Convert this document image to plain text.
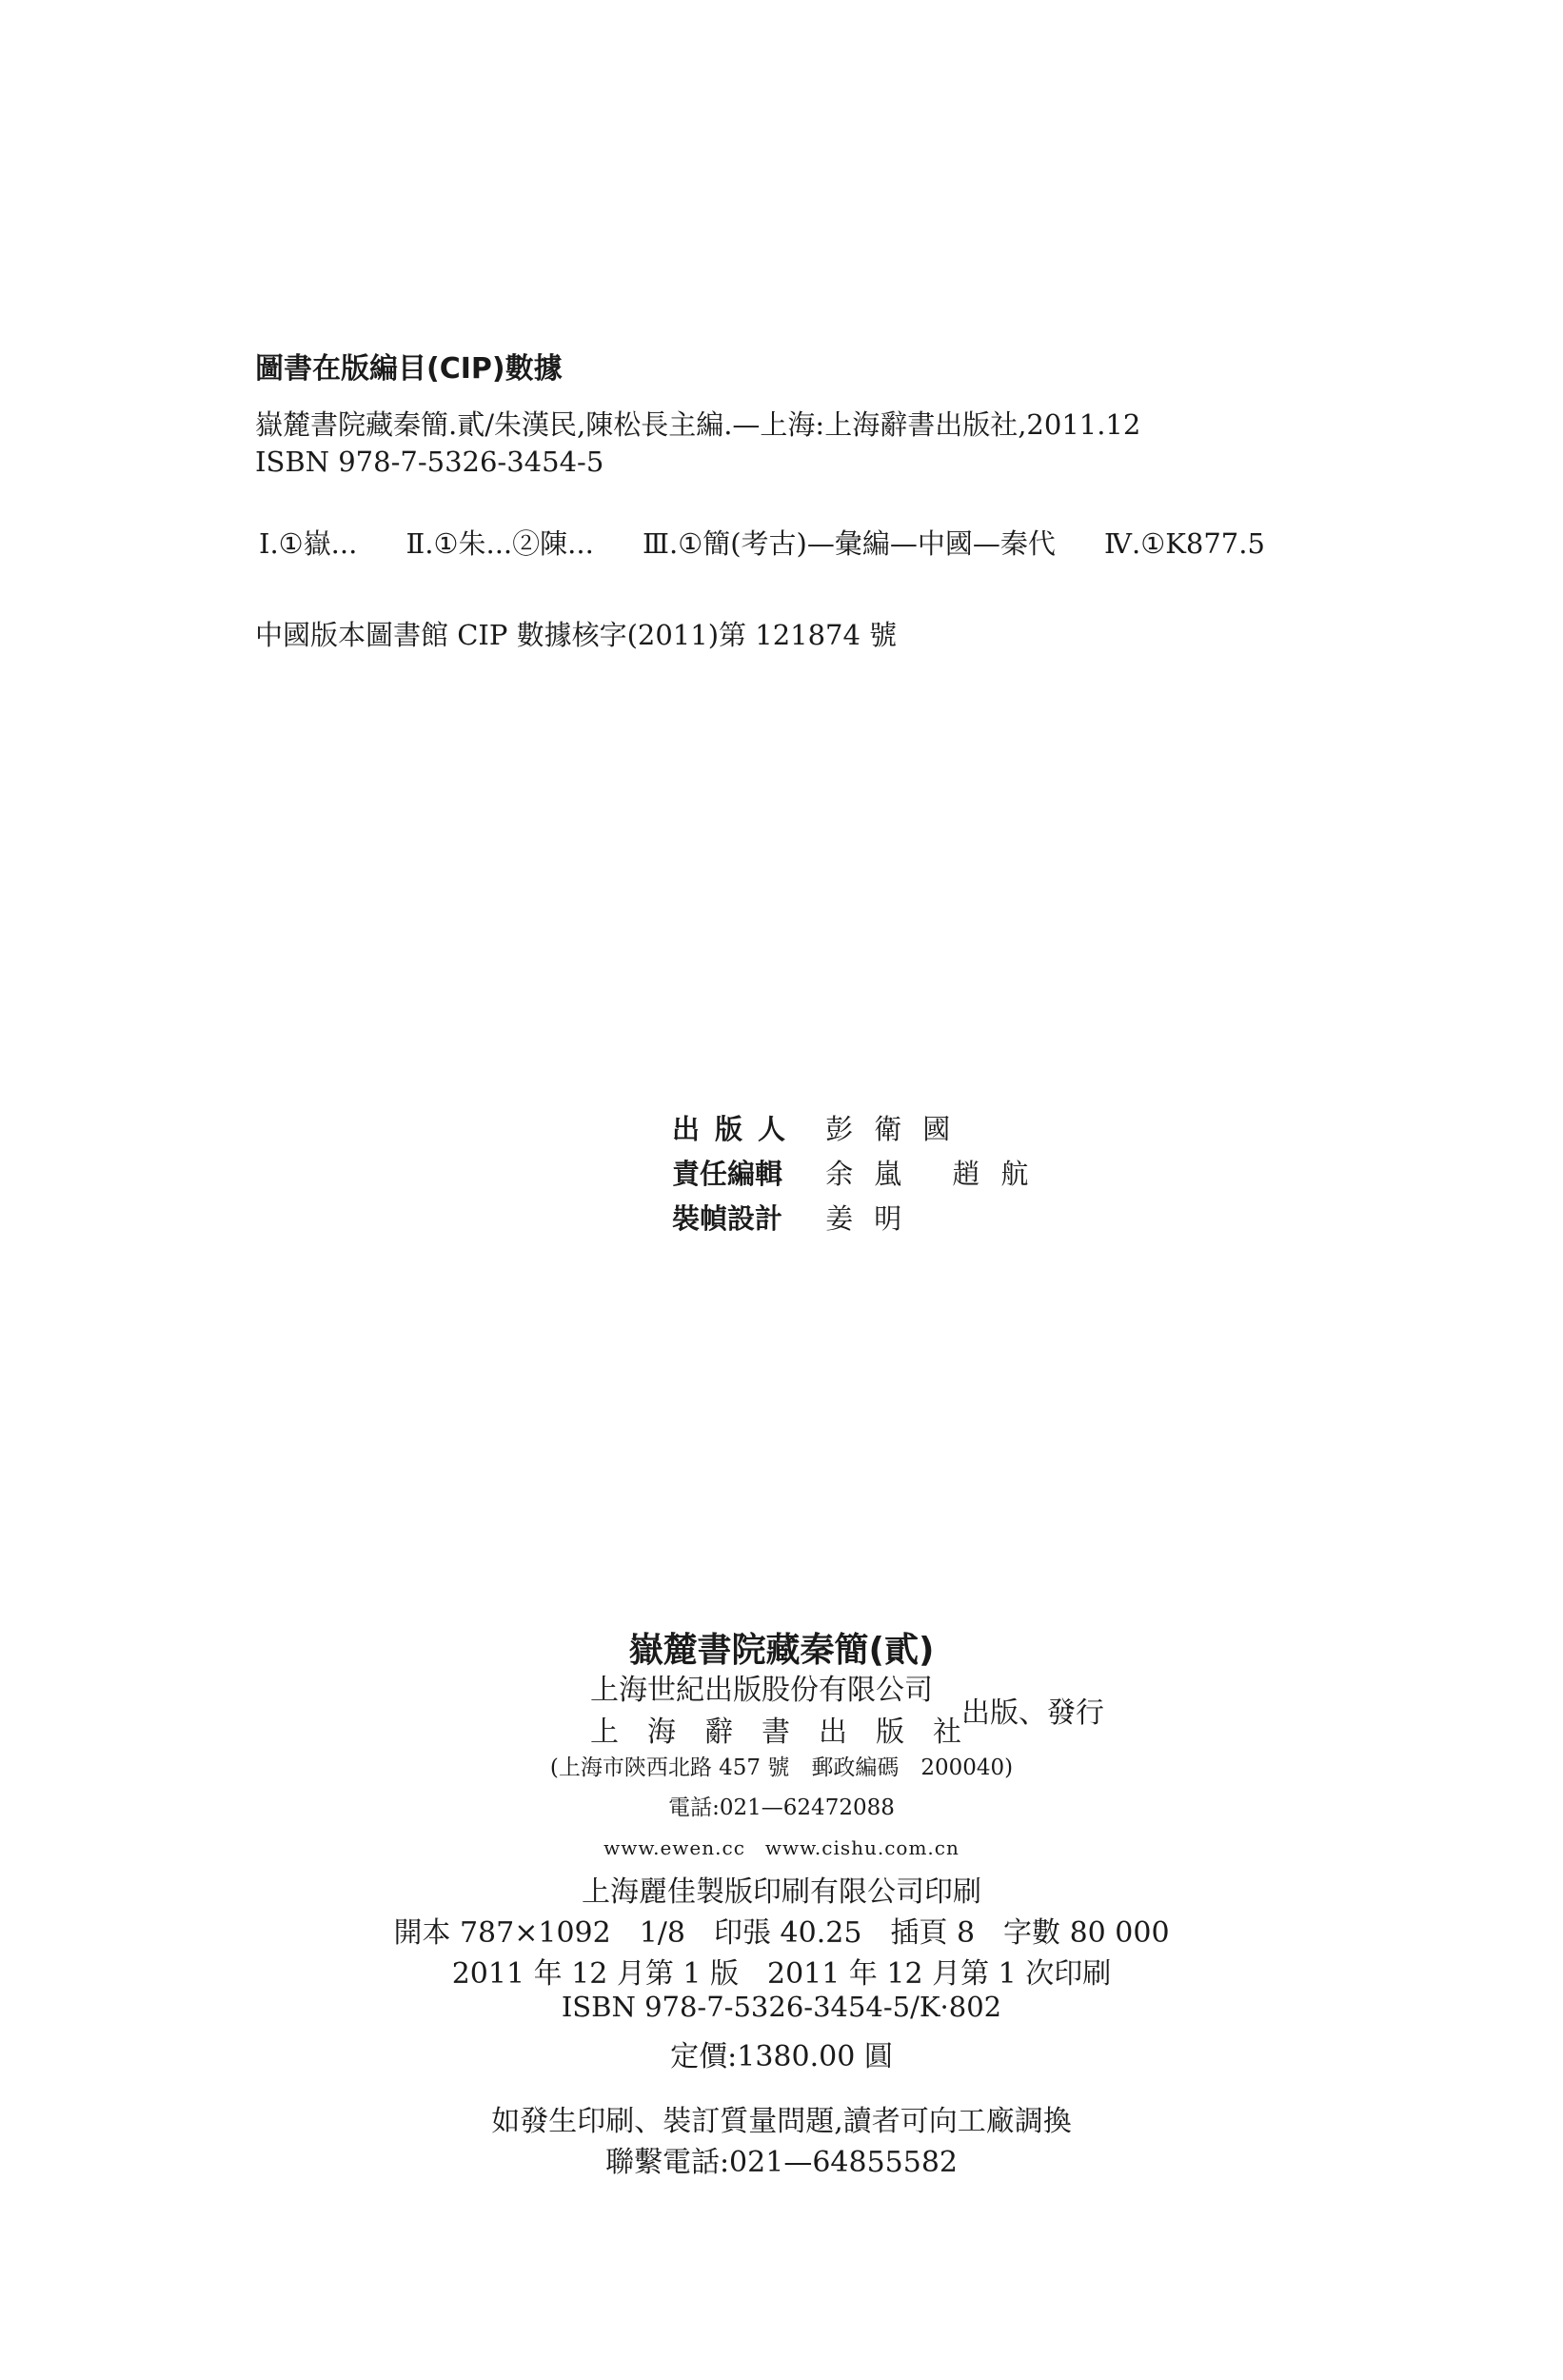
圖書在版編目(CIP)數據
嶽麓書院藏秦簡.貳/朱漢民,陳松長主編.—上海:上海辭書出版社,2011.12
ISBN 978-7-5326-3454-5
Ⅰ.①嶽... Ⅱ.①朱...②陳... Ⅲ.①簡(考古)—彙編—中國—秦代 Ⅳ.①K877.5
中國版本圖書館 CIP 數據核字(2011)第 121874 號
出版人 彭衛國
責任編輯 余嵐 趙航
裝幀設計 姜明
嶽麓書院藏秦簡(貳)
上海世紀出版股份有限公司
上海辭書出版社
出版、發行
(上海市陝西北路 457 號　郵政編碼　200040)
電話:021—62472088
www.ewen.cc　www.cishu.com.cn
上海麗佳製版印刷有限公司印刷
開本 787×1092　1/8　印張 40.25　插頁 8　字數 80 000
2011 年 12 月第 1 版　2011 年 12 月第 1 次印刷
ISBN 978-7-5326-3454-5/K·802
定價:1380.00 圓
如發生印刷、裝訂質量問題,讀者可向工廠調換
聯繫電話:021—64855582
